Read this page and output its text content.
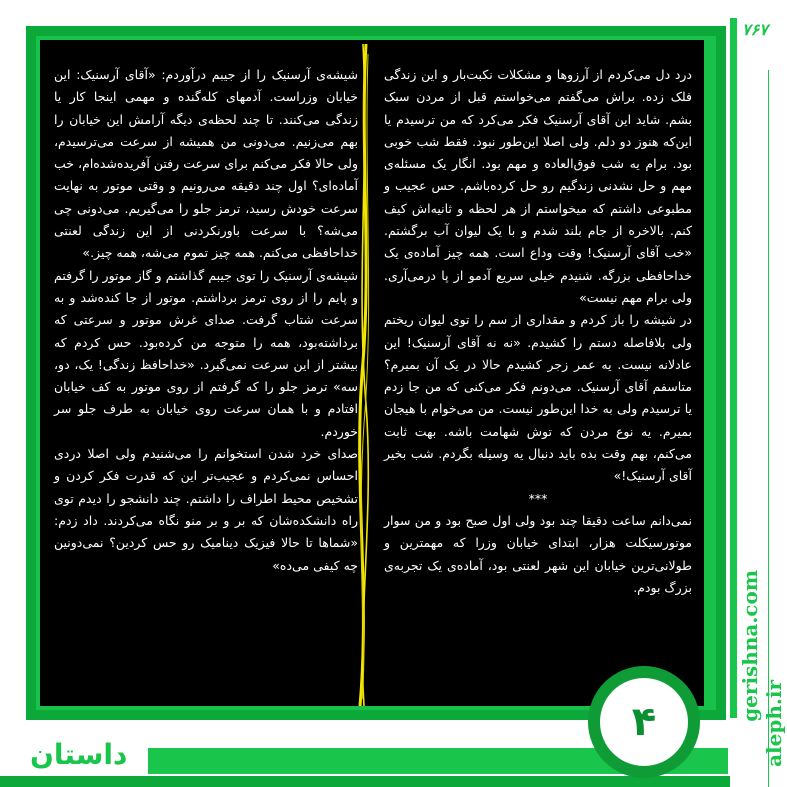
۷۶۷
gerishna.com
aleph.ir
داستان
۴

درد دل می‌کردم از آرزوها و مشکلات نکبت‌بار و این زندگی فلک زده. براش می‌گفتم می‌خواستم قبل از مردن سبک بشم. شاید این آقای آرسنیک فکر می‌کرد که من ترسیدم یا این‌که هنوز دو دلم. ولی اصلا این‌طور نبود. فقط شب خوبی بود. برام یه شب فوق‌العاده و مهم بود. انگار یک مسئله‌ی مهم و حل نشدنی زندگیم رو حل کرده‌باشم. حس عجیب و مطبوعی داشتم که میخواستم از هر لحظه و ثانیه‌اش کیف کنم. بالاخره از جام بلند شدم و با یک لیوان آب برگشتم. «خب آقای آرسنیک! وقت وداع است. همه چیز آماده‌ی یک خداحافظی بزرگه. شنیدم خیلی سریع آدمو از پا درمی‌آری. ولی برام مهم نیست»

در شیشه را باز کردم و مقداری از سم را توی لیوان ریختم ولی بلافاصله دستم را کشیدم. «نه نه آقای آرسنیک! این عادلانه نیست. یه عمر زجر کشیدم حالا در یک آن بمیرم؟ متاسفم آقای آرسنیک. می‌دونم فکر می‌کنی که من جا زدم یا ترسیدم ولی به خدا این‌طور نیست. من می‌خوام با هیجان بمیرم. یه نوع مردن که توش شهامت باشه. بهت ثابت می‌کنم، بهم وقت بده باید دنبال یه وسیله بگردم. شب بخیر آقای آرسنیک!»

***

نمی‌دانم ساعت دقیقا چند بود ولی اول صبح بود و من سوار موتورسیکلت هزار، ابتدای خیابان وزرا که مهمترین و طولانی‌ترین خیابان این شهر لعنتی بود، آماده‌ی یک تجربه‌ی بزرگ بودم.

شیشه‌ی آرسنیک را از جیبم درآوردم: «آقای آرسنیک: این خیابان وزراست. آدمهای کله‌گنده و مهمی اینجا کار یا زندگی می‌کنند. تا چند لحظه‌ی دیگه آرامش این خیابان را بهم می‌زنیم. می‌دونی من همیشه از سرعت می‌ترسیدم، ولی حالا فکر می‌کنم برای سرعت رفتن آفریده‌شده‌ام، خب آماده‌ای؟ اول چند دقیقه می‌رونیم و وقتی موتور به نهایت سرعت خودش رسید، ترمز جلو را می‌گیریم. می‌دونی چی می‌شه؟ با سرعت باورنکردنی از این زندگی لعنتی خداحافظی می‌کنم. همه چیز تموم می‌شه، همه چیز.»

شیشه‌ی آرسنیک را توی جیبم گذاشتم و گاز موتور را گرفتم و پایم را از روی ترمز برداشتم. موتور از جا کنده‌شد و به سرعت شتاب گرفت. صدای غرش موتور و سرعتی که برداشته‌بود، همه را متوجه من کرده‌بود. حس کردم که بیشتر از این سرعت نمی‌گیرد. «خداحافظ زندگی! یک، دو، سه» ترمز جلو را که گرفتم از روی موتور به کف خیابان افتادم و با همان سرعت روی خیابان به طرف جلو سر خوردم.

صدای خرد شدن استخوانم را می‌شنیدم ولی اصلا دردی احساس نمی‌کردم و عجیب‌تر این که قدرت فکر کردن و تشخیص محیط اطراف را داشتم. چند دانشجو را دیدم توی راه دانشکده‌شان که بر و بر منو نگاه می‌کردند. داد زدم: «شماها تا حالا فیزیک دینامیک رو حس کردین؟ نمی‌دونین چه کیفی می‌ده»
